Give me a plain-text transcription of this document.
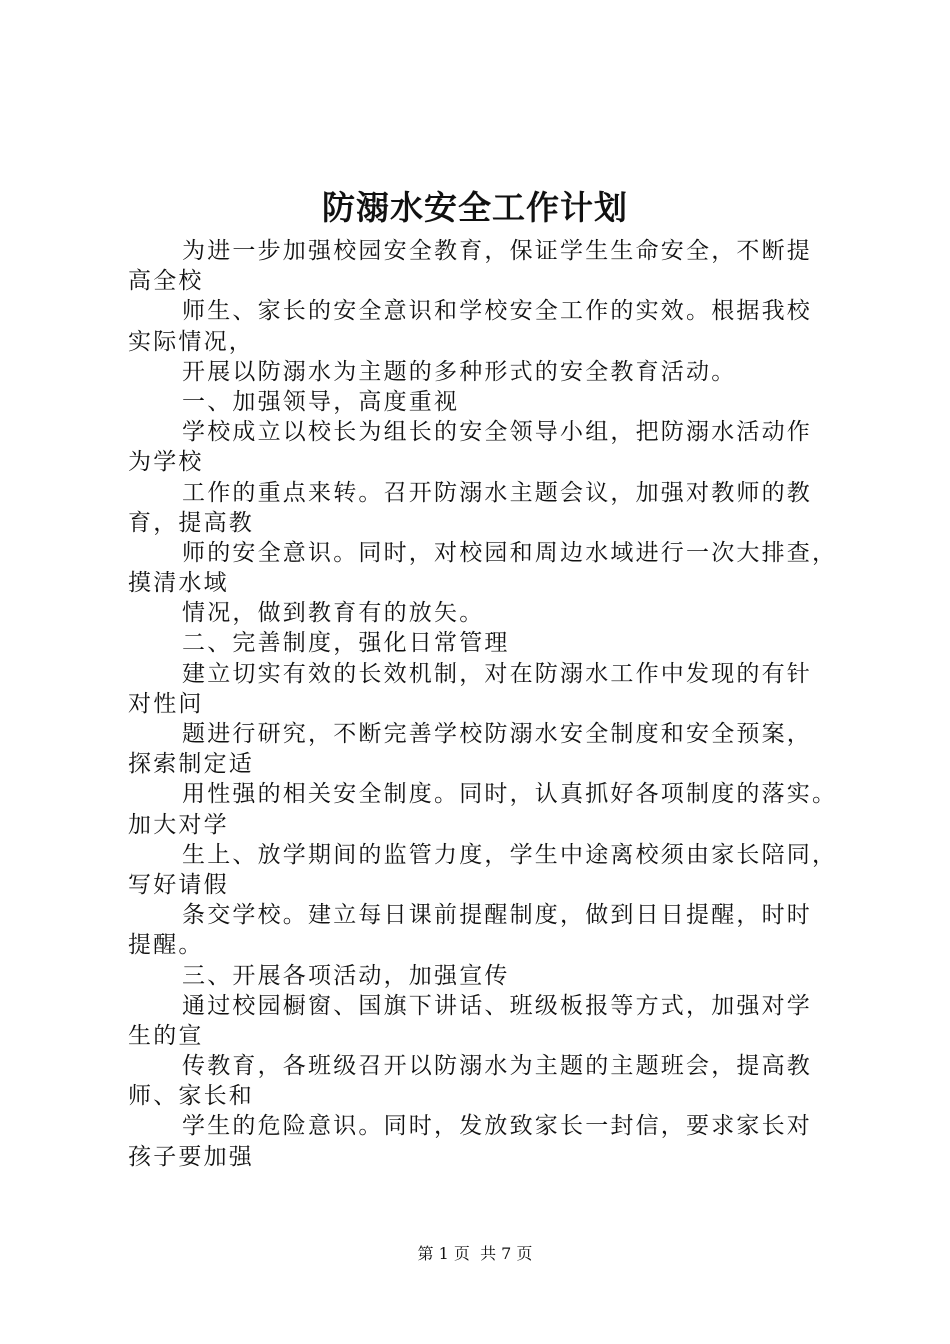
防溺水安全工作计划
为进一步加强校园安全教育，保证学生生命安全，不断提
高全校
师生、家长的安全意识和学校安全工作的实效。根据我校
实际情况，
开展以防溺水为主题的多种形式的安全教育活动。
一、加强领导，高度重视
学校成立以校长为组长的安全领导小组，把防溺水活动作
为学校
工作的重点来转。召开防溺水主题会议，加强对教师的教
育，提高教
师的安全意识。同时，对校园和周边水域进行一次大排查，
摸清水域
情况，做到教育有的放矢。
二、完善制度，强化日常管理
建立切实有效的长效机制，对在防溺水工作中发现的有针
对性问
题进行研究，不断完善学校防溺水安全制度和安全预案，
探索制定适
用性强的相关安全制度。同时，认真抓好各项制度的落实。
加大对学
生上、放学期间的监管力度，学生中途离校须由家长陪同，
写好请假
条交学校。建立每日课前提醒制度，做到日日提醒，时时
提醒。
三、开展各项活动，加强宣传
通过校园橱窗、国旗下讲话、班级板报等方式，加强对学
生的宣
传教育，各班级召开以防溺水为主题的主题班会，提高教
师、家长和
学生的危险意识。同时，发放致家长一封信，要求家长对
孩子要加强
第 1 页  共 7 页
